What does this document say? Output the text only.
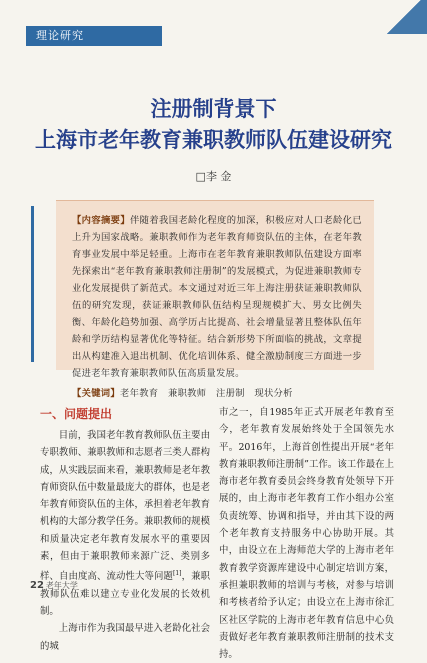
理论研究
注册制背景下
上海市老年教育兼职教师队伍建设研究
□李 金
【内容摘要】伴随着我国老龄化程度的加深，积极应对人口老龄化已上升为国家战略。兼职教师作为老年教育师资队伍的主体，在老年教育事业发展中举足轻重。上海市在老年教育兼职教师队伍建设方面率先探索出“老年教育兼职教师注册制”的发展模式，为促进兼职教师专业化发展提供了新范式。本文通过对近三年上海注册获证兼职教师队伍的研究发现，获证兼职教师队伍结构呈现规模扩大、男女比例失衡、年龄化趋势加强、高学历占比提高、社会增量显著且整体队伍年龄和学历结构显著优化等特征。结合新形势下所面临的挑战，文章提出从构建准入退出机制、优化培训体系、健全激励制度三方面进一步促进老年教育兼职教师队伍高质量发展。
【关键词】老年教育　兼职教师　注册制　现状分析
一、问题提出

目前，我国老年教育教师队伍主要由专职教师、兼职教师和志愿者三类人群构成，从实践层面来看，兼职教师是老年教育师资队伍中数量最庞大的群体，也是老年教育师资队伍的主体，承担着老年教育机构的大部分教学任务。兼职教师的规模和质量决定老年教育发展水平的重要因素，但由于兼职教师来源广泛、类别多样、自由度高、流动性大等问题[1]，兼职教师队伍难以建立专业化发展的长效机制。

上海市作为我国最早进入老龄化社会的城

市之一，自1985年正式开展老年教育至今，老年教育发展始终处于全国领先水平。2016年，上海首创性提出开展“老年教育兼职教师注册制”工作。该工作最在上海市老年教育委员会终身教育处领导下开展的，由上海市老年教育工作小组办公室负责统筹、协调和指导，并由其下设的两个老年教育支持服务中心协助开展。其中，由设立在上海师范大学的上海市老年教育教学资源库建设中心制定培训方案，承担兼职教师的培训与考核，对参与培训和考核者给予认定；由设立在上海市徐汇区社区学院的上海市老年教育信息中心负责做好老年教育兼职教师注册制的技术支持。
22 老年大学
